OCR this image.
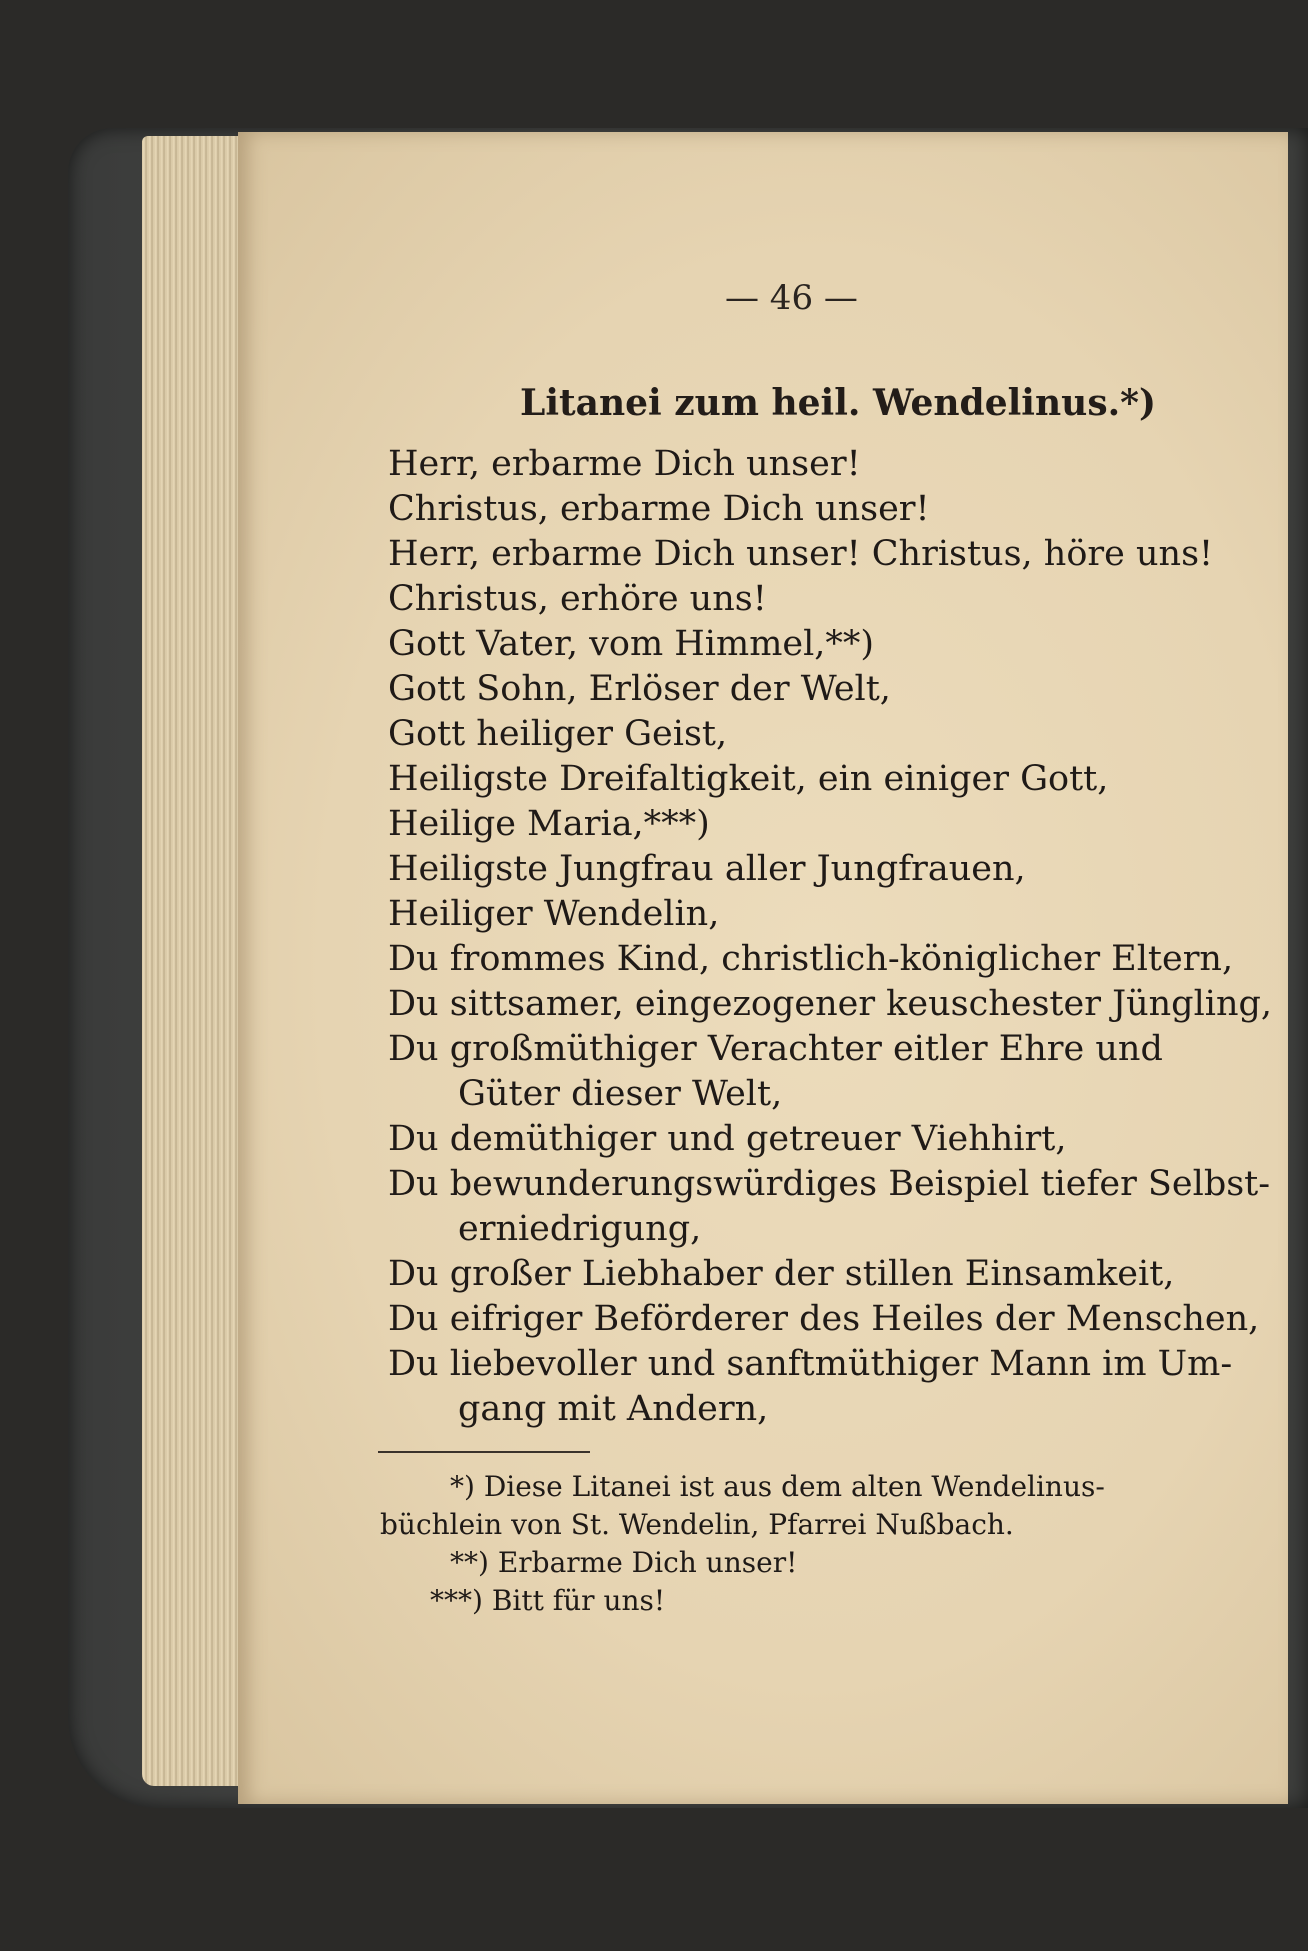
— 46 —
Litanei zum heil. Wendelinus.*)
Herr, erbarme Dich unser!
Christus, erbarme Dich unser!
Herr, erbarme Dich unser! Christus, höre uns!
Christus, erhöre uns!
Gott Vater, vom Himmel,**)
Gott Sohn, Erlöser der Welt,
Gott heiliger Geist,
Heiligste Dreifaltigkeit, ein einiger Gott,
Heilige Maria,***)
Heiligste Jungfrau aller Jungfrauen,
Heiliger Wendelin,
Du frommes Kind, christlich-königlicher Eltern,
Du sittsamer, eingezogener keuschester Jüngling,
Du großmüthiger Verachter eitler Ehre und
Güter dieser Welt,
Du demüthiger und getreuer Viehhirt,
Du bewunderungswürdiges Beispiel tiefer Selbst-
erniedrigung,
Du großer Liebhaber der stillen Einsamkeit,
Du eifriger Beförderer des Heiles der Menschen,
Du liebevoller und sanftmüthiger Mann im Um-
gang mit Andern,
*) Diese Litanei ist aus dem alten Wendelinus-
büchlein von St. Wendelin, Pfarrei Nußbach.
**) Erbarme Dich unser!
***) Bitt für uns!
